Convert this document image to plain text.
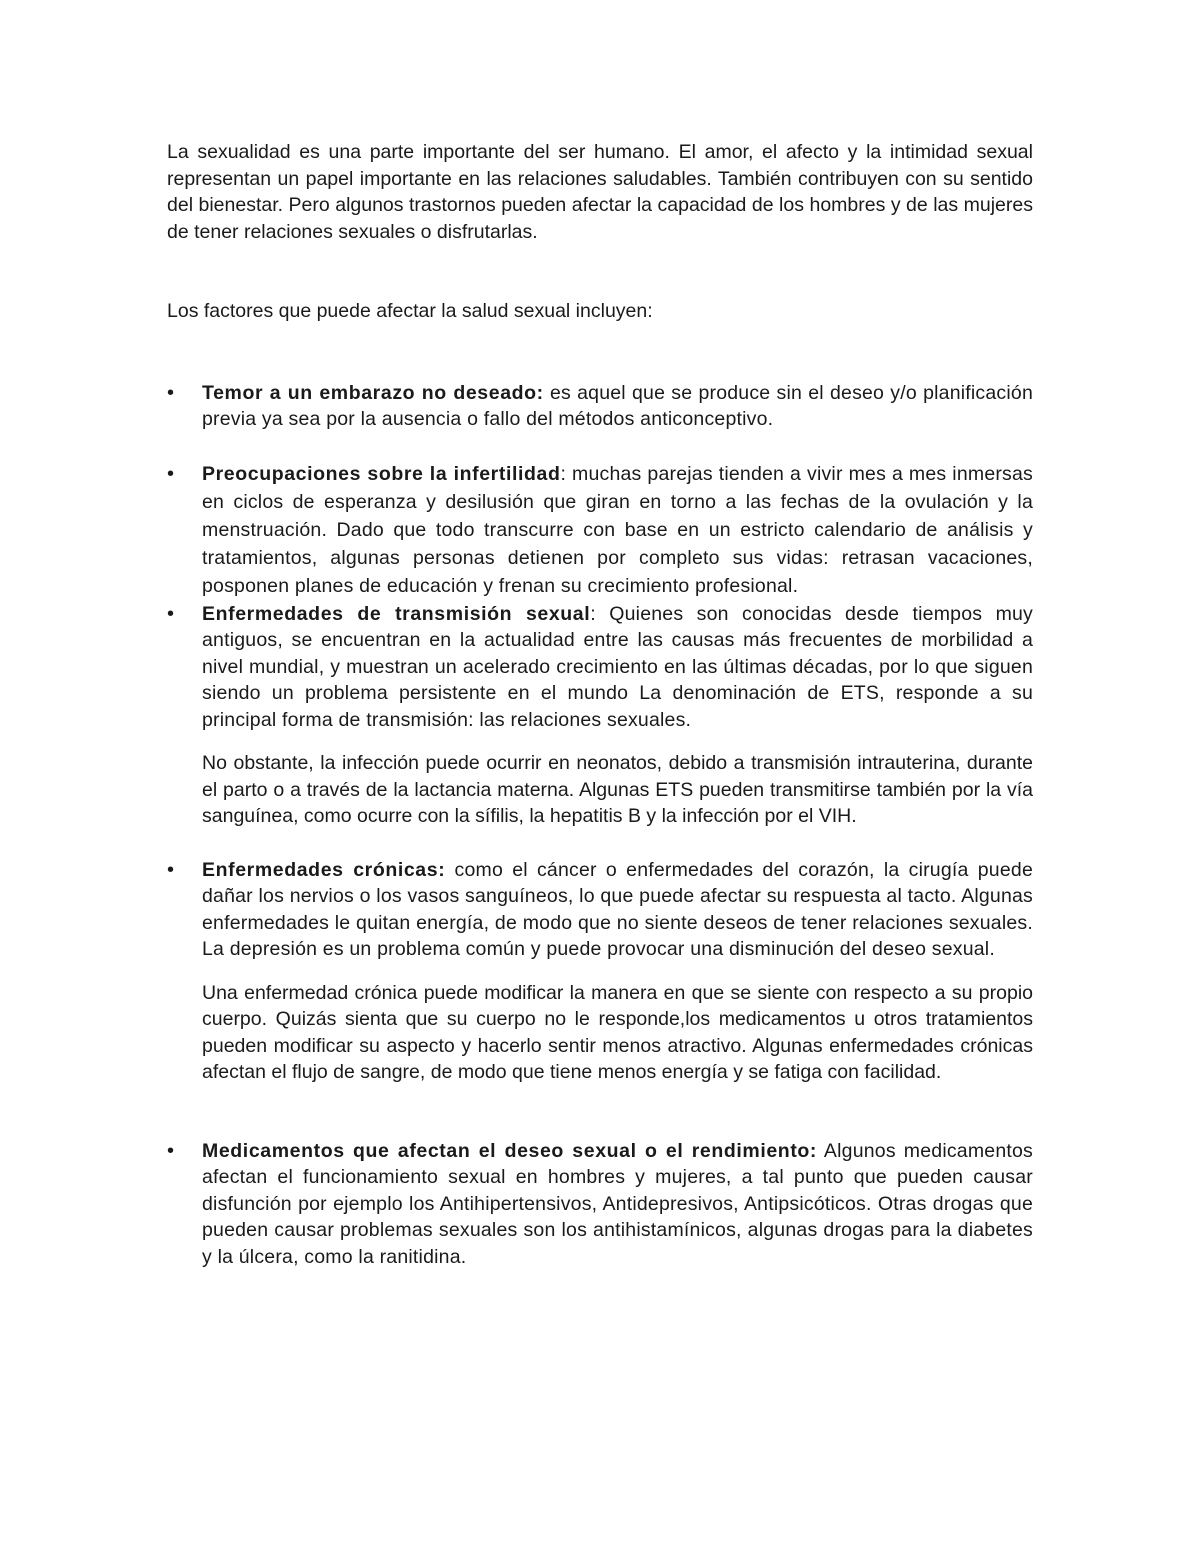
La sexualidad es una parte importante del ser humano. El amor, el afecto y la intimidad sexual representan un papel importante en las relaciones saludables. También contribuyen con su sentido del bienestar. Pero algunos trastornos pueden afectar la capacidad de los hombres y de las mujeres de tener relaciones sexuales o disfrutarlas.

Los factores que puede afectar la salud sexual incluyen:

•	Temor a un embarazo no deseado: es aquel que se produce sin el deseo y/o planificación previa ya sea por la ausencia o fallo del métodos anticonceptivo.

•	Preocupaciones sobre la infertilidad: muchas parejas tienden a vivir mes a mes inmersas en ciclos de esperanza y desilusión que giran en torno a las fechas de la ovulación y la menstruación. Dado que todo transcurre con base en un estricto calendario de análisis y tratamientos, algunas personas detienen por completo sus vidas: retrasan vacaciones, posponen planes de educación y frenan su crecimiento profesional.

•	Enfermedades de transmisión sexual: Quienes son conocidas desde tiempos muy antiguos, se encuentran en la actualidad entre las causas más frecuentes de morbilidad a nivel mundial, y muestran un acelerado crecimiento en las últimas décadas, por lo que siguen siendo un problema persistente en el mundo La denominación de ETS, responde a su principal forma de transmisión: las relaciones sexuales.

No obstante, la infección puede ocurrir en neonatos, debido a transmisión intrauterina, durante el parto o a través de la lactancia materna. Algunas ETS pueden transmitirse también por la vía sanguínea, como ocurre con la sífilis, la hepatitis B y la infección por el VIH.

•	Enfermedades crónicas: como el cáncer o enfermedades del corazón, la cirugía puede dañar los nervios o los vasos sanguíneos, lo que puede afectar su respuesta al tacto. Algunas enfermedades le quitan energía, de modo que no siente deseos de tener relaciones sexuales. La depresión es un problema común y puede provocar una disminución del deseo sexual.

Una enfermedad crónica puede modificar la manera en que se siente con respecto a su propio cuerpo. Quizás sienta que su cuerpo no le responde,los medicamentos u otros tratamientos pueden modificar su aspecto y hacerlo sentir menos atractivo. Algunas enfermedades crónicas afectan el flujo de sangre, de modo que tiene menos energía y se fatiga con facilidad.

•	Medicamentos que afectan el deseo sexual o el rendimiento: Algunos medicamentos afectan el funcionamiento sexual en hombres y mujeres, a tal punto que pueden causar disfunción por ejemplo los Antihipertensivos, Antidepresivos, Antipsicóticos. Otras drogas que pueden causar problemas sexuales son los antihistamínicos, algunas drogas para la diabetes y la úlcera, como la ranitidina.
